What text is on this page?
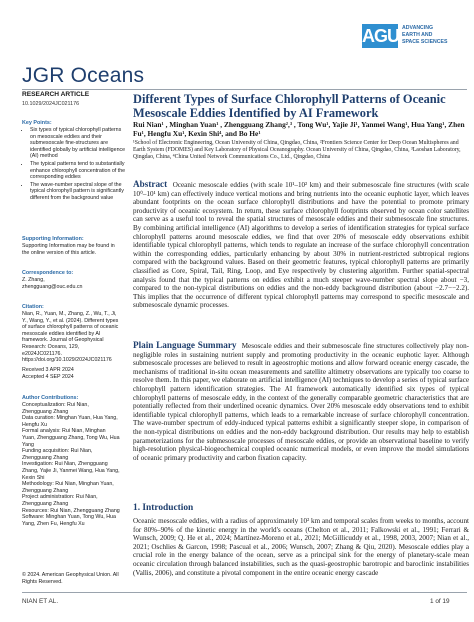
AGU ADVANCING
EARTH AND
SPACE SCIENCES
JGR Oceans
RESEARCH ARTICLE
10.1029/2024JC021176
Key Points:
• Six types of typical chlorophyll patterns on mesoscale eddies and their submesoscale fine-structures are identified globally by artificial intelligence (AI) method
• The typical patterns tend to substantially enhance chlorophyll concentration of the corresponding eddies
• The wave-number spectral slope of the typical chlorophyll pattern is significantly different from the background value
Supporting Information:
Supporting Information may be found in the online version of this article.
Correspondence to:
Z. Zhang,
zhengguang@ouc.edu.cn
Citation:
Nian, R., Yuan, M., Zhang, Z., Wu, T., Ji, Y., Wang, Y., et al. (2024). Different types of surface chlorophyll patterns of oceanic mesoscale eddies identified by AI framework. Journal of Geophysical Research: Oceans, 129, e2024JC021176. https://doi.org/10.1029/2024JC021176
Received 3 APR 2024
Accepted 4 SEP 2024
Author Contributions:
Conceptualization: Rui Nian, Zhengguang Zhang
Data curation: Minghan Yuan, Hua Yang, Hengfu Xu
Formal analysis: Rui Nian, Minghan Yuan, Zhengguang Zhang, Tong Wu, Hua Yang
Funding acquisition: Rui Nian, Zhengguang Zhang
Investigation: Rui Nian, Zhengguang Zhang, Yajie Ji, Yanmei Wang, Hua Yang, Kexin Shi
Methodology: Rui Nian, Minghan Yuan, Zhengguang Zhang
Project administration: Rui Nian, Zhengguang Zhang
Resources: Rui Nian, Zhengguang Zhang
Software: Minghan Yuan, Tong Wu, Hua Yang, Zhen Fu, Hengfu Xu
© 2024. American Geophysical Union. All Rights Reserved.
Different Types of Surface Chlorophyll Patterns of Oceanic Mesoscale Eddies Identified by AI Framework
Rui Nian¹ , Minghan Yuan¹ , Zhengguang Zhang²,³ , Tong Wu¹, Yajie Ji¹, Yanmei Wang¹, Hua Yang¹, Zhen Fu¹, Hengfu Xu¹, Kexin Shi⁴, and Bo He¹
¹School of Electronic Engineering, Ocean University of China, Qingdao, China, ²Frontiers Science Center for Deep Ocean Multispheres and Earth System (FDOMES) and Key Laboratory of Physical Oceanography. Ocean University of China, Qingdao, China, ³Laoshan Laboratory, Qingdao, China, ⁴China United Network Communications Co., Ltd., Qingdao, China
Abstract Oceanic mesoscale eddies (with scale 10¹–10² km) and their submesoscale fine structures (with scale 10⁰–10¹ km) can effectively induce vertical motions and bring nutrients into the oceanic euphotic layer, which leaves abundant footprints on the ocean surface chlorophyll distributions and have the potential to promote primary productivity of oceanic ecosystem. In return, these surface chlorophyll footprints observed by ocean color satellites can serve as a useful tool to reveal the spatial structures of mesoscale eddies and their submesoscale fine structures. By combining artificial intelligence (AI) algorithms to develop a series of identification strategies for typical surface chlorophyll patterns around mesoscale eddies, we find that over 20% of mesoscale eddy observations exhibit identifiable typical chlorophyll patterns, which tends to regulate an increase of the surface chlorophyll concentration within the corresponding eddies, particularly enhancing by about 30% in nutrient-restricted subtropical regions compared with the background values. Based on their geometric features, typical chlorophyll patterns are primarily classified as Core, Spiral, Tail, Ring, Loop, and Eye respectively by clustering algorithm. Further spatial-spectral analysis found that the typical patterns on eddies exhibit a much steeper wave-number spectral slope about −3, compared to the non-typical distributions on eddies and the non-eddy background distribution (about −2.7−−2.2). This implies that the occurrence of different typical chlorophyll patterns may correspond to specific mesoscale and submesoscale dynamic processes.
Plain Language Summary Mesoscale eddies and their submesoscale fine structures collectively play non-negligible roles in sustaining nutrient supply and promoting productivity in the oceanic euphotic layer. Although submesoscale processes are believed to result in ageostrophic motions and allow forward oceanic energy cascade, the mechanisms of traditional in-situ ocean measurements and satellite altimetry observations are typically too coarse to resolve them. In this paper, we elaborate on artificial intelligence (AI) techniques to develop a series of typical surface chlorophyll pattern identification strategies. The AI framework automatically identified six types of typical chlorophyll patterns of mesoscale eddy, in the context of the generally comparable geometric characteristics that are potentially reflected from their underlined oceanic dynamics. Over 20% mesoscale eddy observations tend to exhibit identifiable typical chlorophyll patterns, which leads to a remarkable increase of surface chlorophyll concentration. The wave-number spectrum of eddy-induced typical patterns exhibit a significantly steeper slope, in comparison of the non-typical distributions on eddies and the non-eddy background distribution. Our results may help to establish parameterizations for the submesoscale processes of mesoscale eddies, or provide an observational baseline to verify high-resolution physical-biogeochemical coupled oceanic numerical models, or even improve the model simulations of oceanic primary productivity and carbon fixation capacity.
1. Introduction
Oceanic mesoscale eddies, with a radius of approximately 10² km and temporal scales from weeks to months, account for 80%–90% of the kinetic energy in the world's oceans (Chelton et al., 2011; Falkowski et al., 1991; Ferrari & Wunsch, 2009; Q. He et al., 2024; Martínez-Moreno et al., 2021; McGillicuddy et al., 1998, 2003, 2007; Nian et al., 2021; Oschlies & Garcon, 1998; Pascual et al., 2006; Wunsch, 2007; Zhang & Qiu, 2020). Mesoscale eddies play a crucial role in the energy balance of the ocean, serve as a principal sink for the energy of planetary-scale mean oceanic circulation through balanced instabilities, such as the quasi-geostrophic barotropic and baroclinic instabilities (Vallis, 2006), and constitute a pivotal component in the entire oceanic energy cascade
NIAN ET AL.	1 of 19
